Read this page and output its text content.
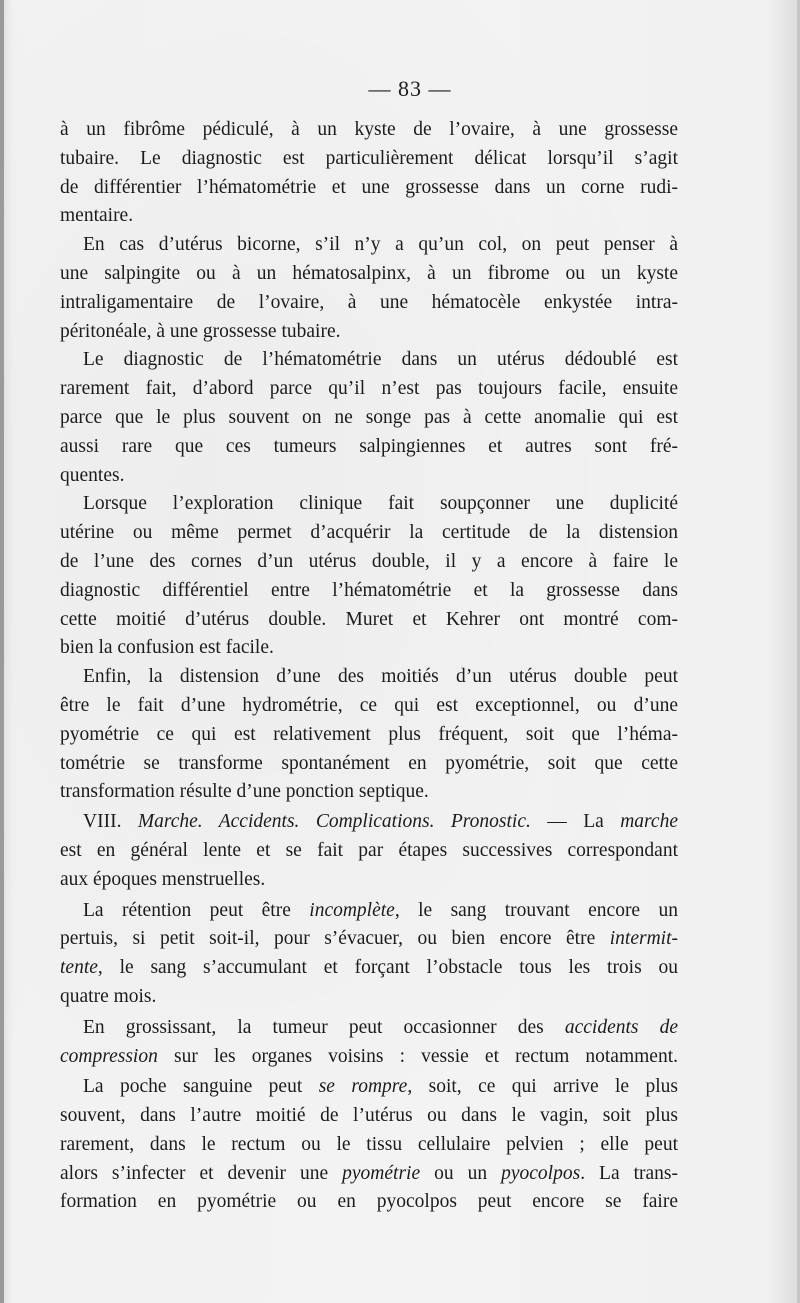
— 83 —
à un fibrôme pédiculé, à un kyste de l’ovaire, à une grossesse
tubaire. Le diagnostic est particulièrement délicat lorsqu’il s’agit
de différentier l’hématométrie et une grossesse dans un corne rudi-
mentaire.
En cas d’utérus bicorne, s’il n’y a qu’un col, on peut penser à
une salpingite ou à un hématosalpinx, à un fibrome ou un kyste
intraligamentaire de l’ovaire, à une hématocèle enkystée intra-
péritonéale, à une grossesse tubaire.
Le diagnostic de l’hématométrie dans un utérus dédoublé est
rarement fait, d’abord parce qu’il n’est pas toujours facile, ensuite
parce que le plus souvent on ne songe pas à cette anomalie qui est
aussi rare que ces tumeurs salpingiennes et autres sont fré-
quentes.
Lorsque l’exploration clinique fait soupçonner une duplicité
utérine ou même permet d’acquérir la certitude de la distension
de l’une des cornes d’un utérus double, il y a encore à faire le
diagnostic différentiel entre l’hématométrie et la grossesse dans
cette moitié d’utérus double. Muret et Kehrer ont montré com-
bien la confusion est facile.
Enfin, la distension d’une des moitiés d’un utérus double peut
être le fait d’une hydrométrie, ce qui est exceptionnel, ou d’une
pyométrie ce qui est relativement plus fréquent, soit que l’héma-
tométrie se transforme spontanément en pyométrie, soit que cette
transformation résulte d’une ponction septique.
VIII. Marche. Accidents. Complications. Pronostic. — La marche
est en général lente et se fait par étapes successives correspondant
aux époques menstruelles.
La rétention peut être incomplète, le sang trouvant encore un
pertuis, si petit soit-il, pour s’évacuer, ou bien encore être intermit-
tente, le sang s’accumulant et forçant l’obstacle tous les trois ou
quatre mois.
En grossissant, la tumeur peut occasionner des accidents de
compression sur les organes voisins : vessie et rectum notamment.
La poche sanguine peut se rompre, soit, ce qui arrive le plus
souvent, dans l’autre moitié de l’utérus ou dans le vagin, soit plus
rarement, dans le rectum ou le tissu cellulaire pelvien ; elle peut
alors s’infecter et devenir une pyométrie ou un pyocolpos. La trans-
formation en pyométrie ou en pyocolpos peut encore se faire
